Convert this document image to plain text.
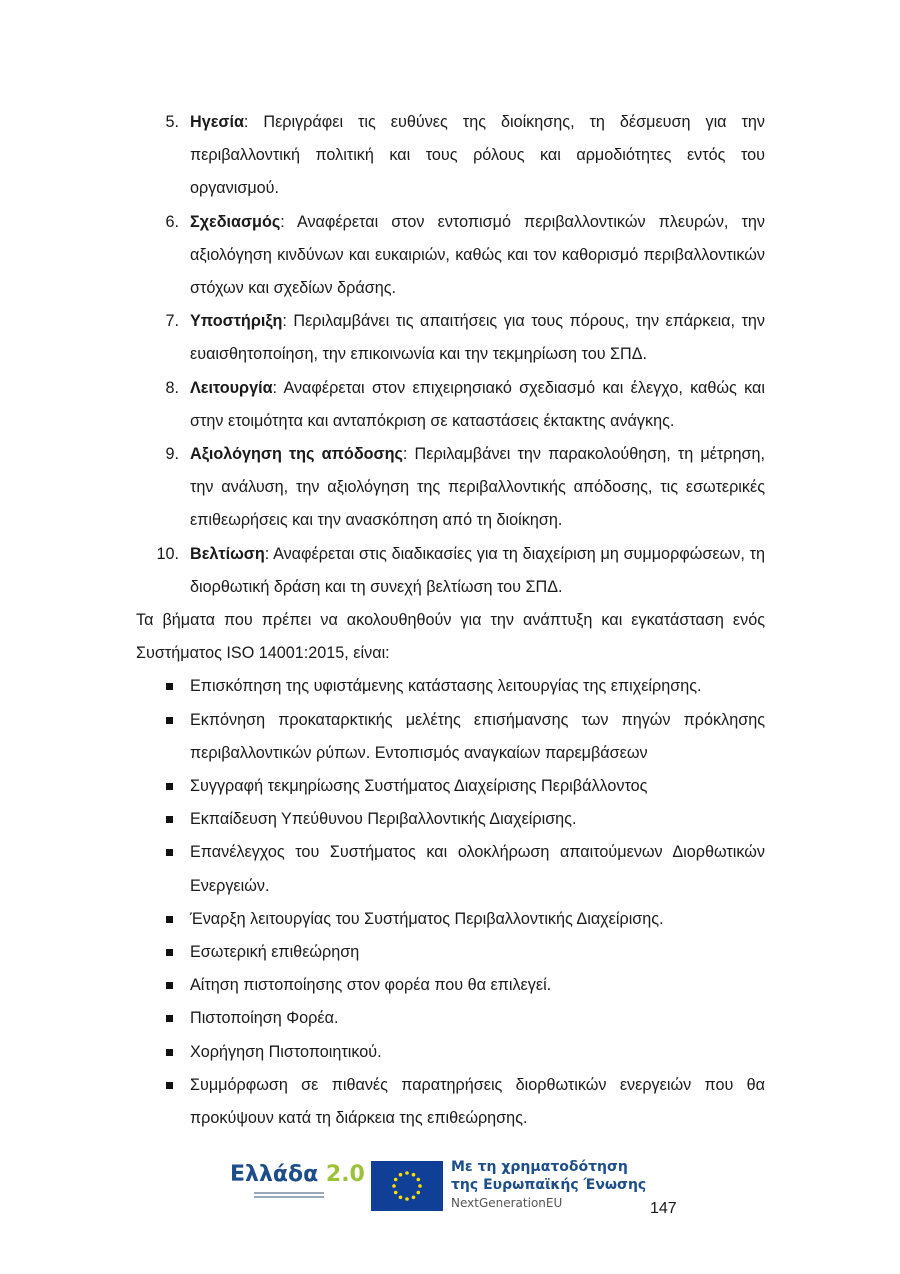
5. Ηγεσία: Περιγράφει τις ευθύνες της διοίκησης, τη δέσμευση για την περιβαλλοντική πολιτική και τους ρόλους και αρμοδιότητες εντός του οργανισμού.
6. Σχεδιασμός: Αναφέρεται στον εντοπισμό περιβαλλοντικών πλευρών, την αξιολόγηση κινδύνων και ευκαιριών, καθώς και τον καθορισμό περιβαλλοντικών στόχων και σχεδίων δράσης.
7. Υποστήριξη: Περιλαμβάνει τις απαιτήσεις για τους πόρους, την επάρκεια, την ευαισθητοποίηση, την επικοινωνία και την τεκμηρίωση του ΣΠΔ.
8. Λειτουργία: Αναφέρεται στον επιχειρησιακό σχεδιασμό και έλεγχο, καθώς και στην ετοιμότητα και ανταπόκριση σε καταστάσεις έκτακτης ανάγκης.
9. Αξιολόγηση της απόδοσης: Περιλαμβάνει την παρακολούθηση, τη μέτρηση, την ανάλυση, την αξιολόγηση της περιβαλλοντικής απόδοσης, τις εσωτερικές επιθεωρήσεις και την ανασκόπηση από τη διοίκηση.
10. Βελτίωση: Αναφέρεται στις διαδικασίες για τη διαχείριση μη συμμορφώσεων, τη διορθωτική δράση και τη συνεχή βελτίωση του ΣΠΔ.

Τα βήματα που πρέπει να ακολουθηθούν για την ανάπτυξη και εγκατάσταση ενός Συστήματος ISO 14001:2015, είναι:

Επισκόπηση της υφιστάμενης κατάστασης λειτουργίας της επιχείρησης.
Εκπόνηση προκαταρκτικής μελέτης επισήμανσης των πηγών πρόκλησης περιβαλλοντικών ρύπων. Εντοπισμός αναγκαίων παρεμβάσεων
Συγγραφή τεκμηρίωσης Συστήματος Διαχείρισης Περιβάλλοντος
Εκπαίδευση Υπεύθυνου Περιβαλλοντικής Διαχείρισης.
Επανέλεγχος του Συστήματος και ολοκλήρωση απαιτούμενων Διορθωτικών Ενεργειών.
Έναρξη λειτουργίας του Συστήματος Περιβαλλοντικής Διαχείρισης.
Εσωτερική επιθεώρηση
Αίτηση πιστοποίησης στον φορέα που θα επιλεγεί.
Πιστοποίηση Φορέα.
Χορήγηση Πιστοποιητικού.
Συμμόρφωση σε πιθανές παρατηρήσεις διορθωτικών ενεργειών που θα προκύψουν κατά τη διάρκεια της επιθεώρησης.
Ελλάδα 2.0	Με τη χρηματοδότηση
της Ευρωπαϊκής Ένωσης
NextGenerationEU	147
